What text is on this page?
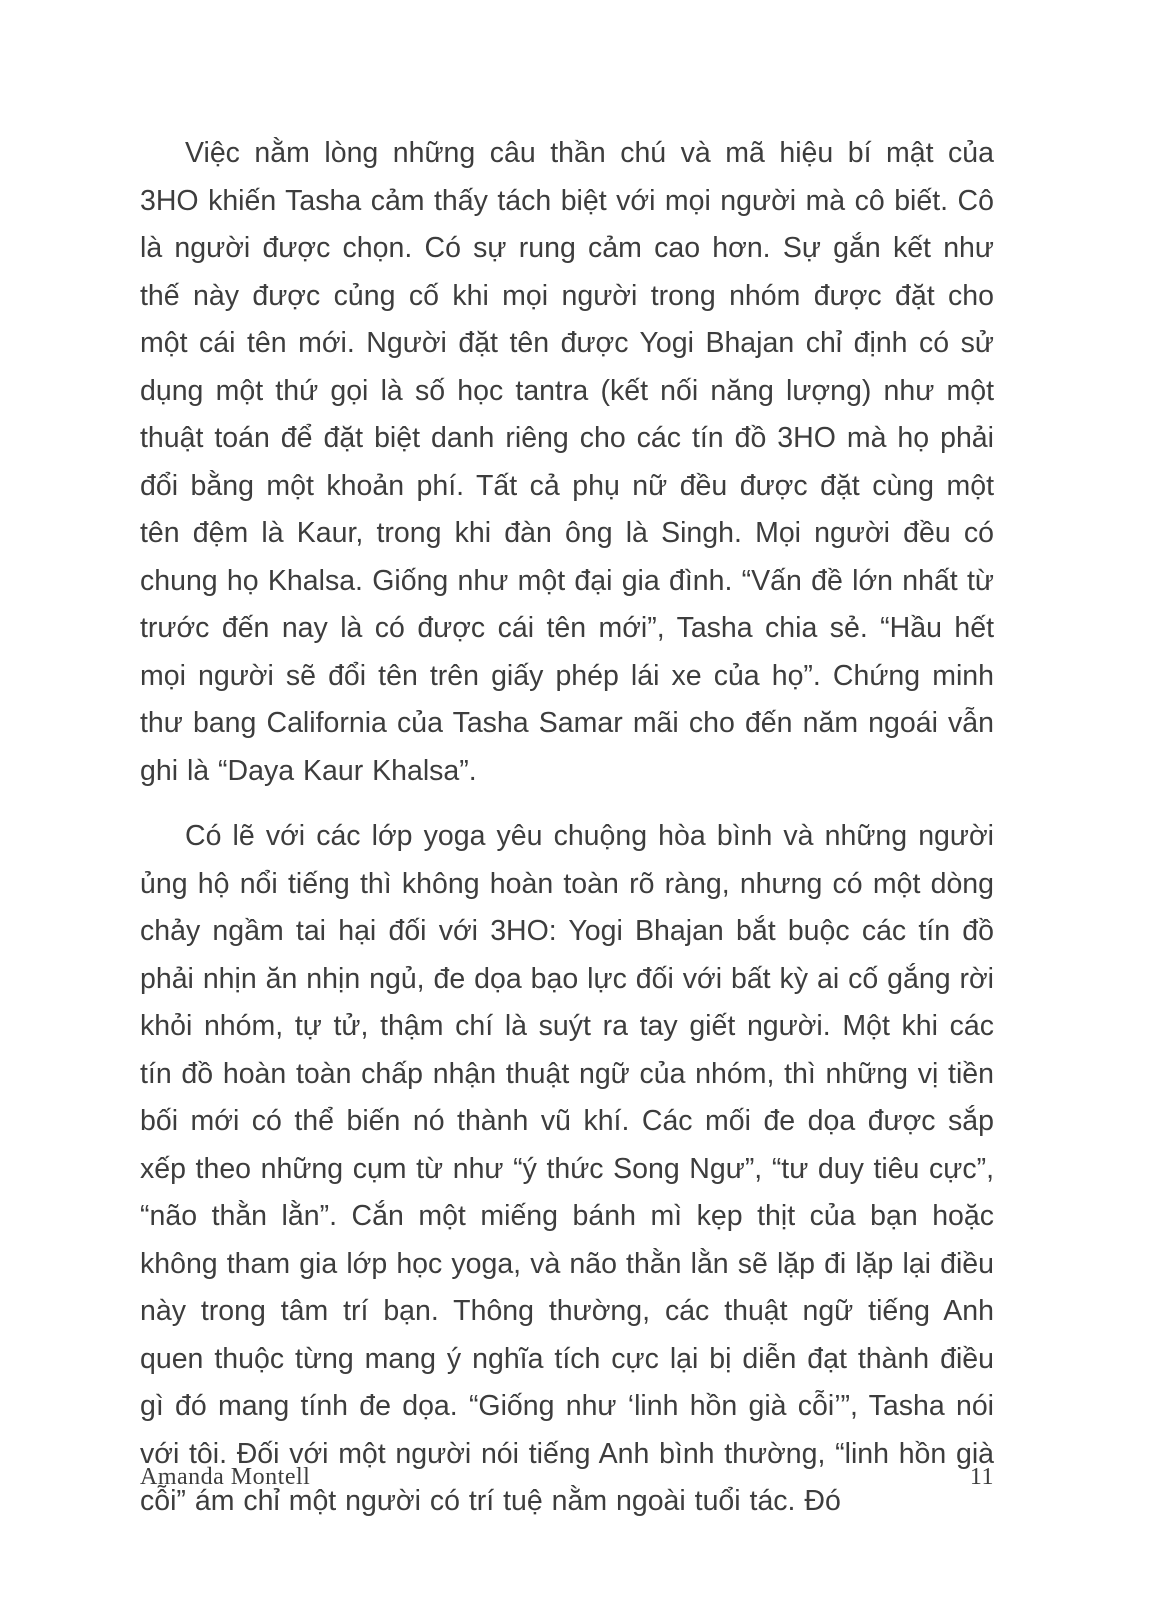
Việc nằm lòng những câu thần chú và mã hiệu bí mật của 3HO khiến Tasha cảm thấy tách biệt với mọi người mà cô biết. Cô là người được chọn. Có sự rung cảm cao hơn. Sự gắn kết như thế này được củng cố khi mọi người trong nhóm được đặt cho một cái tên mới. Người đặt tên được Yogi Bhajan chỉ định có sử dụng một thứ gọi là số học tantra (kết nối năng lượng) như một thuật toán để đặt biệt danh riêng cho các tín đồ 3HO mà họ phải đổi bằng một khoản phí. Tất cả phụ nữ đều được đặt cùng một tên đệm là Kaur, trong khi đàn ông là Singh. Mọi người đều có chung họ Khalsa. Giống như một đại gia đình. “Vấn đề lớn nhất từ trước đến nay là có được cái tên mới”, Tasha chia sẻ. “Hầu hết mọi người sẽ đổi tên trên giấy phép lái xe của họ”. Chứng minh thư bang California của Tasha Samar mãi cho đến năm ngoái vẫn ghi là “Daya Kaur Khalsa”.

Có lẽ với các lớp yoga yêu chuộng hòa bình và những người ủng hộ nổi tiếng thì không hoàn toàn rõ ràng, nhưng có một dòng chảy ngầm tai hại đối với 3HO: Yogi Bhajan bắt buộc các tín đồ phải nhịn ăn nhịn ngủ, đe dọa bạo lực đối với bất kỳ ai cố gắng rời khỏi nhóm, tự tử, thậm chí là suýt ra tay giết người. Một khi các tín đồ hoàn toàn chấp nhận thuật ngữ của nhóm, thì những vị tiền bối mới có thể biến nó thành vũ khí. Các mối đe dọa được sắp xếp theo những cụm từ như “ý thức Song Ngư”, “tư duy tiêu cực”, “não thằn lằn”. Cắn một miếng bánh mì kẹp thịt của bạn hoặc không tham gia lớp học yoga, và não thằn lằn sẽ lặp đi lặp lại điều này trong tâm trí bạn. Thông thường, các thuật ngữ tiếng Anh quen thuộc từng mang ý nghĩa tích cực lại bị diễn đạt thành điều gì đó mang tính đe dọa. “Giống như ‘linh hồn già cỗi’”, Tasha nói với tôi. Đối với một người nói tiếng Anh bình thường, “linh hồn già cỗi” ám chỉ một người có trí tuệ nằm ngoài tuổi tác. Đó

Amanda Montell	11
